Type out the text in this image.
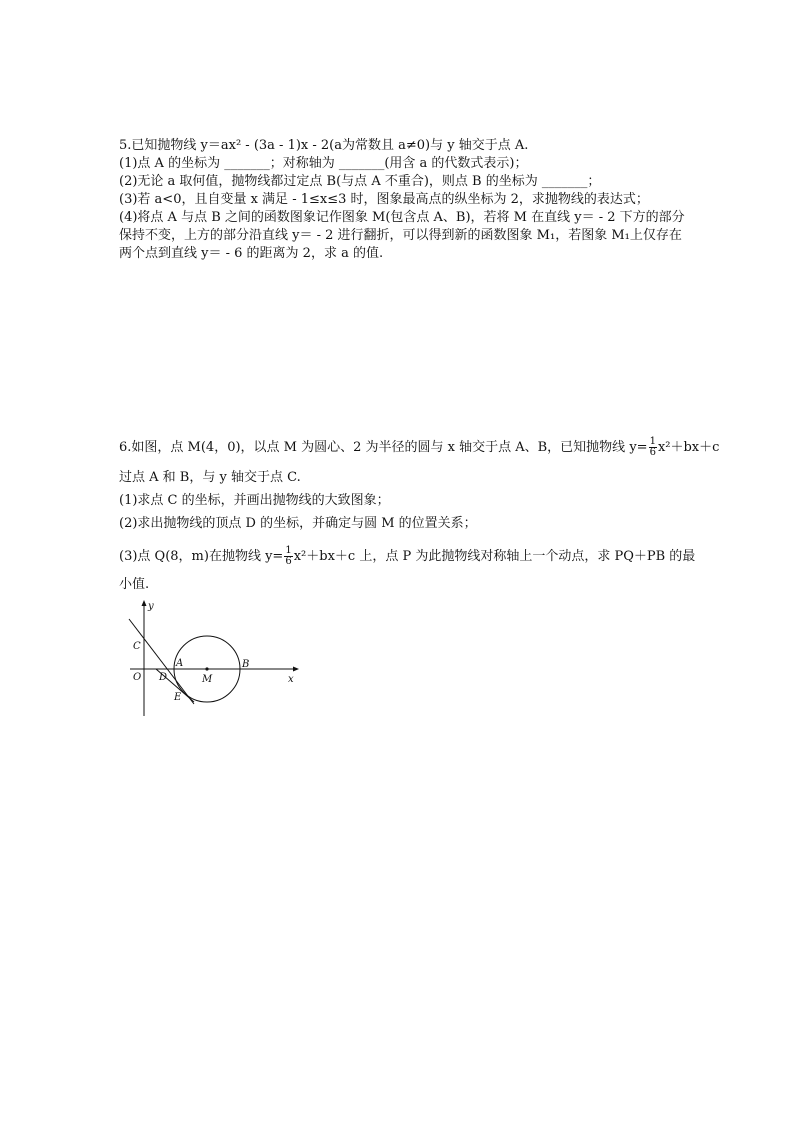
5.已知抛物线 y＝ax² - (3a - 1)x - 2(a为常数且 a≠0)与 y 轴交于点 A.
(1)点 A 的坐标为 _______；对称轴为 _______(用含 a 的代数式表示)；
(2)无论 a 取何值，抛物线都过定点 B(与点 A 不重合)，则点 B 的坐标为 _______；
(3)若 a<0，且自变量 x 满足 - 1≤x≤3 时，图象最高点的纵坐标为 2，求抛物线的表达式；
(4)将点 A 与点 B 之间的函数图象记作图象 M(包含点 A、B)，若将 M 在直线 y＝ - 2 下方的部分
保持不变，上方的部分沿直线 y＝ - 2 进行翻折，可以得到新的函数图象 M₁，若图象 M₁上仅存在
两个点到直线 y＝ - 6 的距离为 2，求 a 的值.
6.如图，点 M(4，0)，以点 M 为圆心、2 为半径的圆与 x 轴交于点 A、B，已知抛物线 $y= \frac{1}{6} x^2+bx+c$
过点 A 和 B，与 y 轴交于点 C.
(1)求点 C 的坐标，并画出抛物线的大致图象；
(2)求出抛物线的顶点 D 的坐标，并确定与圆 M 的位置关系；
(3)点 Q(8，m)在抛物线 $y= \frac{1}{6} x^2+bx+c$ 上，点 P 为此抛物线对称轴上一个动点，求 PQ＋PB 的最
小值.
y
x
O
C
A
D	M
B
E
